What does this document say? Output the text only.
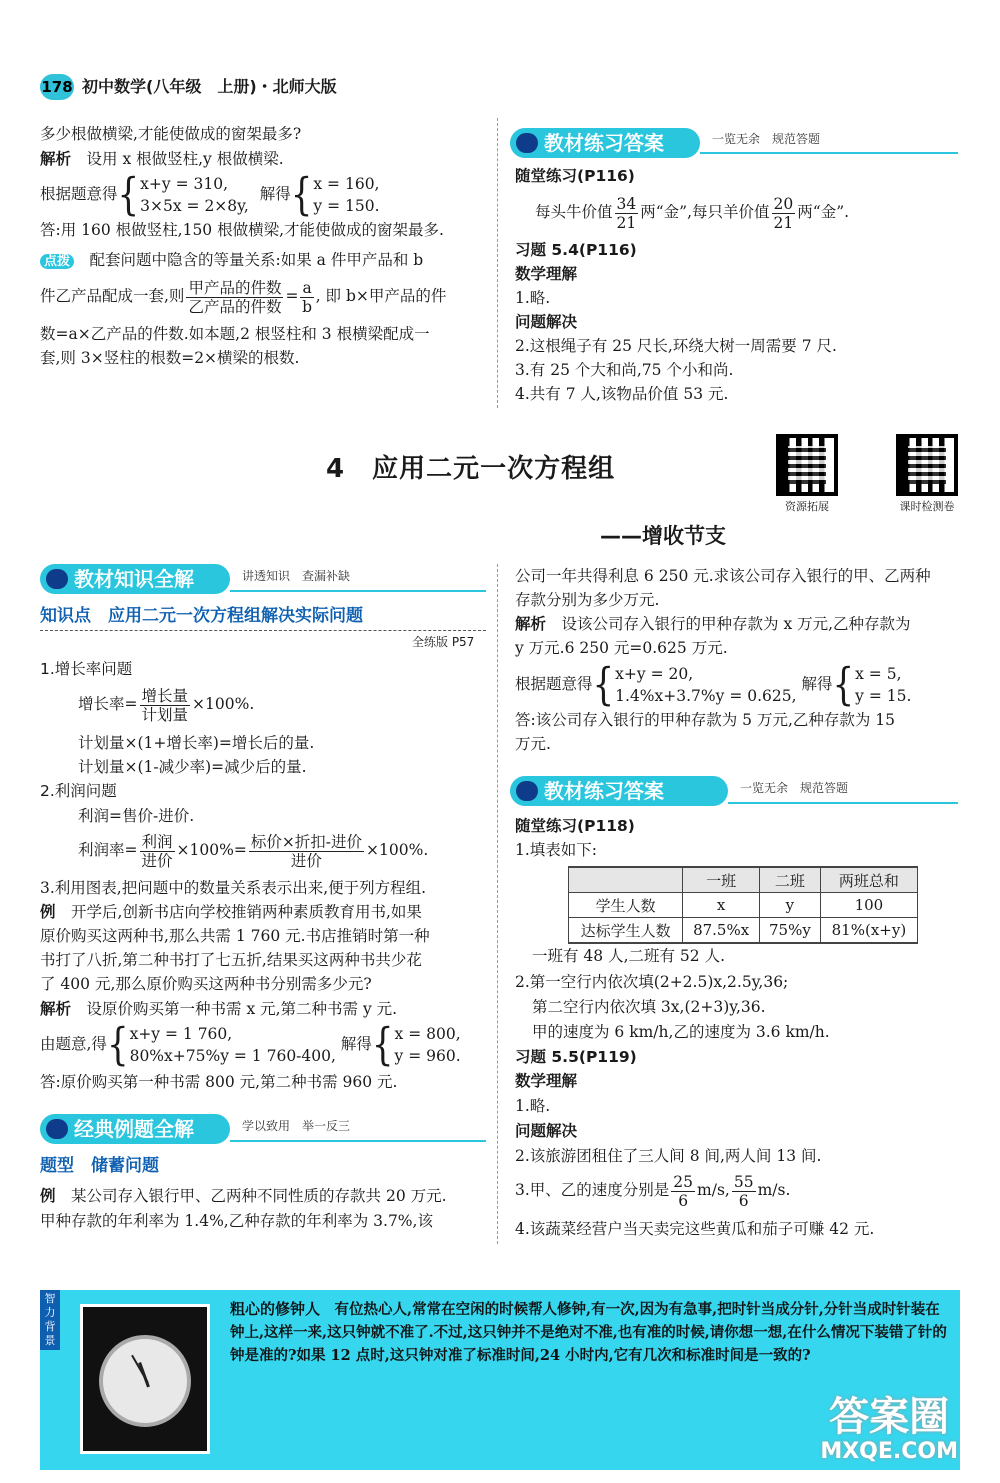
178 初中数学(八年级　上册)・北师大版
多少根做横梁,才能使做成的窗架最多?
解析　 设用 x 根做竖柱,y 根做横梁.
根据题意得{ x+y = 310,
3×5x = 2×8y,
解得{ x = 160,
y = 150.
答:用 160 根做竖柱,150 根做横梁,才能使做成的窗架最多.
点拨　 配套问题中隐含的等量关系:如果 a 件甲产品和 b
件乙产品配成一套,则 $\frac{\text{甲产品的件数}}{\text{乙产品的件数}} = \frac{a}{b}$ , 即 b×甲产品的件
数=a×乙产品的件数.如本题,2 根竖柱和 3 根横梁配成一
套,则 3×竖柱的根数=2×横梁的根数.
教材练习答案	一览无余　规范答题
随堂练习(P116)
每头牛价值 $\frac{34}{21}$ 两“金”,每只羊价值 $\frac{20}{21}$ 两“金”.
习题 5.4(P116)
数学理解
1.略.
问题解决
2.这根绳子有 25 尺长,环绕大树一周需要 7 尺.
3.有 25 个大和尚,75 个小和尚.
4.共有 7 人,该物品价值 53 元.
4　 应用二元一次方程组
——增收节支
资源拓展	课时检测卷
教材知识全解	讲透知识　查漏补缺
知识点　应用二元一次方程组解决实际问题
全练版 P57
1.增长率问题
增长率= $\frac{\text{增长量}}{\text{计划量}} \times 100\%$.
计划量×(1+增长率)=增长后的量.
计划量×(1-减少率)=减少后的量.
2.利润问题
利润=售价-进价.
利润率= $\frac{\text{利润}}{\text{进价}} \times 100\%= \frac{\text{标价×折扣-进价}}{\text{进价}} \times 100\%$.
3.利用图表,把问题中的数量关系表示出来,便于列方程组.
例　 开学后,创新书店向学校推销两种素质教育用书,如果
原价购买这两种书,那么共需 1 760 元.书店推销时第一种
书打了八折,第二种书打了七五折,结果买这两种书共少花
了 400 元,那么原价购买这两种书分别需多少元?
解析　 设原价购买第一种书需 x 元,第二种书需 y 元.
由题意,得{ x+y = 1 760,
80%x+75%y = 1 760-400,
解得{ x = 800,
y = 960.
答:原价购买第一种书需 800 元,第二种书需 960 元.
经典例题全解	学以致用　举一反三
题型　储蓄问题
例　 某公司存入银行甲、乙两种不同性质的存款共 20 万元.
甲种存款的年利率为 1.4%,乙种存款的年利率为 3.7%,该
公司一年共得利息 6 250 元.求该公司存入银行的甲、乙两种
存款分别为多少万元.
解析　 设该公司存入银行的甲种存款为 x 万元,乙种存款为
y 万元.6 250 元=0.625 万元.
根据题意得{ x+y = 20,
1.4%x+3.7%y = 0.625,
解得{ x = 5,
y = 15.
答:该公司存入银行的甲种存款为 5 万元,乙种存款为 15
万元.
教材练习答案	一览无余　规范答题
随堂练习(P118)
1.填表如下:
	一班	二班	两班总和
学生人数	x	y	100
达标学生人数	87.5%x	75%y	81%(x+y)
一班有 48 人,二班有 52 人.
2.第一空行内依次填(2+2.5)x,2.5y,36;
第二空行内依次填 3x,(2+3)y,36.
甲的速度为 6 km/h,乙的速度为 3.6 km/h.
习题 5.5(P119)
数学理解
1.略.
问题解决
2.该旅游团租住了三人间 8 间,两人间 13 间.
3.甲、乙的速度分别是 $\frac{25}{6} m/s$, $\frac{55}{6} m/s$.
4.该蔬菜经营户当天卖完这些黄瓜和茄子可赚 42 元.
智力背景
粗心的修钟人　 有位热心人,常常在空闲的时候帮人修钟,有一次,因为有急事,把时针当成分针,分针当成时针装在钟上,这样一来,这只钟就不准了.不过,这只钟并不是绝对不准,也有准的时候,请你想一想,在什么情况下装错了针的钟是准的?如果 12 点时,这只钟对准了标准时间,24 小时内,它有几次和标准时间是一致的?
答案圈
MXQE.COM
